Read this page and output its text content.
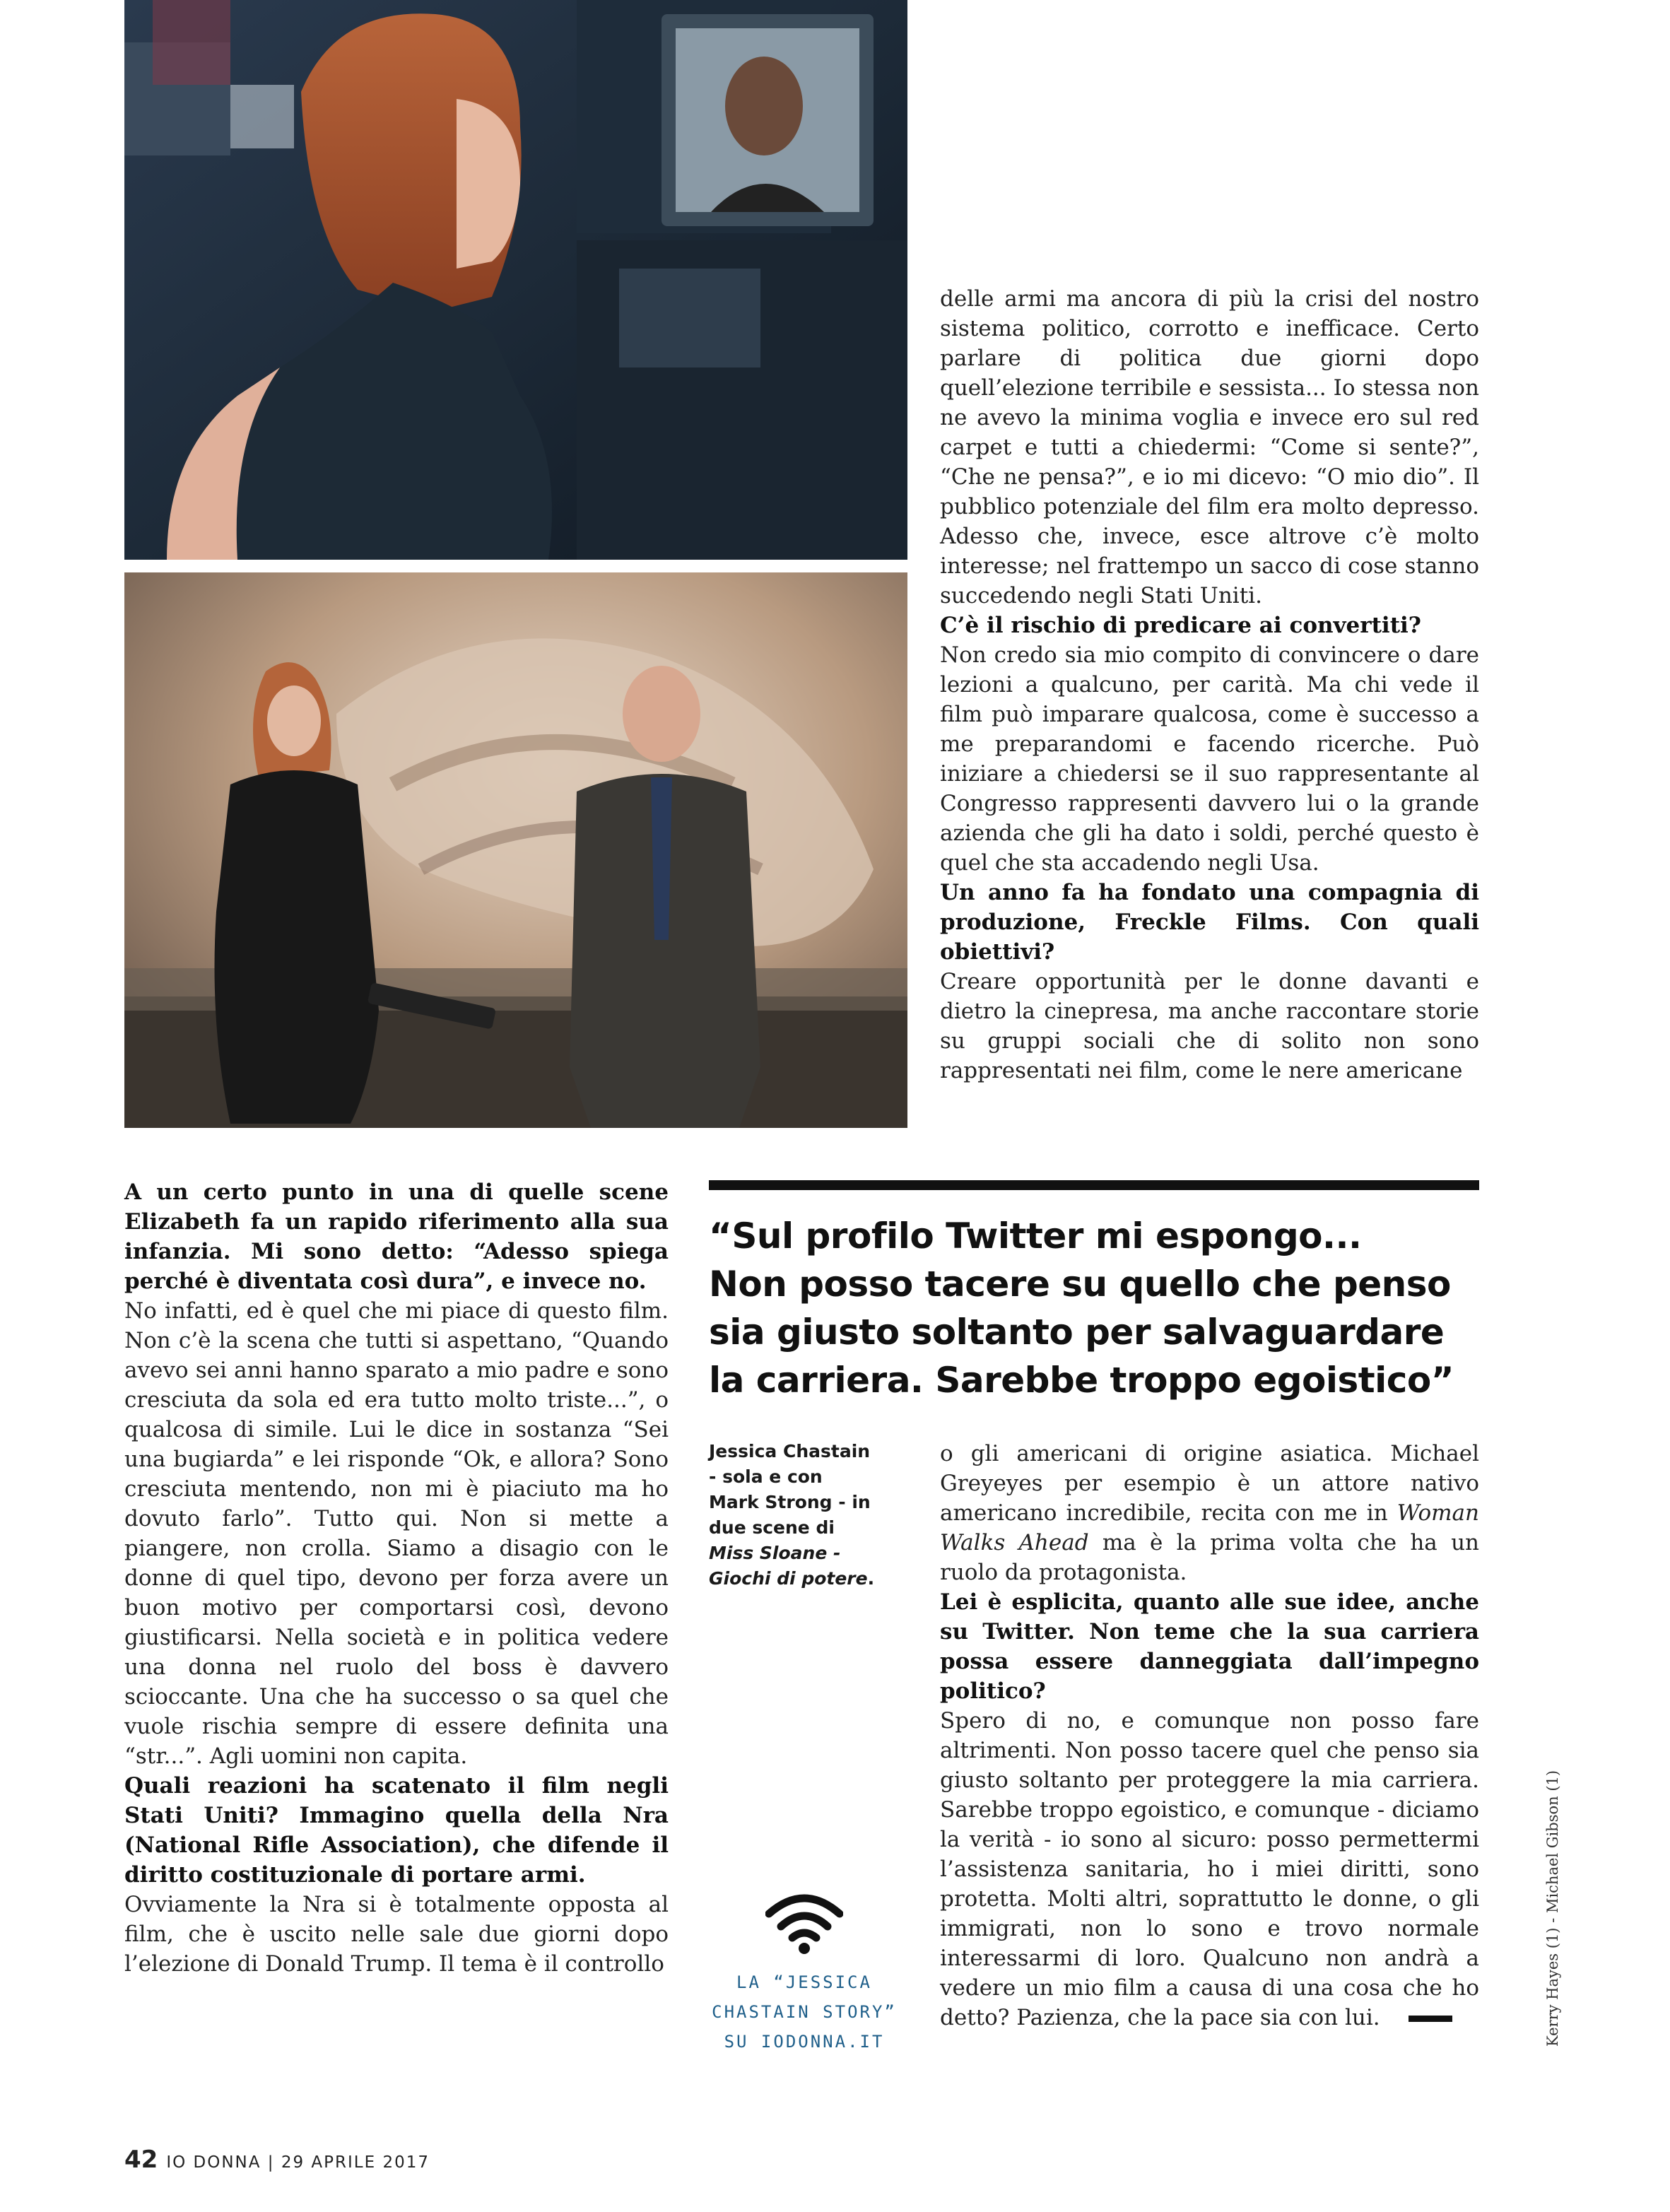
delle armi ma ancora di più la crisi del nostro sistema politico, corrotto e inefficace. Certo parlare di politica due giorni dopo quell’elezione terribile e sessista... Io stessa non ne avevo la minima voglia e invece ero sul red carpet e tutti a chiedermi: “Come si sente?”, “Che ne pensa?”, e io mi dicevo: “O mio dio”. Il pubblico potenziale del film era molto depresso. Adesso che, invece, esce altrove c’è molto interesse; nel frattempo un sacco di cose stanno succedendo negli Stati Uniti.

C’è il rischio di predicare ai convertiti?

Non credo sia mio compito di convincere o dare lezioni a qualcuno, per carità. Ma chi vede il film può imparare qualcosa, come è successo a me preparandomi e facendo ricerche. Può iniziare a chiedersi se il suo rappresentante al Congresso rappresenti davvero lui o la grande azienda che gli ha dato i soldi, perché questo è quel che sta accadendo negli Usa.

Un anno fa ha fondato una compagnia di produzione, Freckle Films. Con quali obiettivi?

Creare opportunità per le donne davanti e dietro la cinepresa, ma anche raccontare storie su gruppi sociali che di solito non sono rappresentati nei film, come le nere americane

A un certo punto in una di quelle scene Elizabeth fa un rapido riferimento alla sua infanzia. Mi sono detto: “Adesso spiega perché è diventata così dura”, e invece no.

No infatti, ed è quel che mi piace di questo film. Non c’è la scena che tutti si aspettano, “Quando avevo sei anni hanno sparato a mio padre e sono cresciuta da sola ed era tutto molto triste...”, o qualcosa di simile. Lui le dice in sostanza “Sei una bugiarda” e lei risponde “Ok, e allora? Sono cresciuta mentendo, non mi è piaciuto ma ho dovuto farlo”. Tutto qui. Non si mette a piangere, non crolla. Siamo a disagio con le donne di quel tipo, devono per forza avere un buon motivo per comportarsi così, devono giustificarsi. Nella società e in politica vedere una donna nel ruolo del boss è davvero scioccante. Una che ha successo o sa quel che vuole rischia sempre di essere definita una “str...”. Agli uomini non capita.

Quali reazioni ha scatenato il film negli Stati Uniti? Immagino quella della Nra (National Rifle Association), che difende il diritto costituzionale di portare armi.

Ovviamente la Nra si è totalmente opposta al film, che è uscito nelle sale due giorni dopo l’elezione di Donald Trump. Il tema è il controllo

“Sul profilo Twitter mi espongo...
Non posso tacere su quello che penso
sia giusto soltanto per salvaguardare
la carriera. Sarebbe troppo egoistico”
Jessica Chastain - sola e con Mark Strong - in due scene di Miss Sloane - Giochi di potere.
LA “JESSICA
CHASTAIN STORY”
SU IODONNA.IT

o gli americani di origine asiatica. Michael Greyeyes per esempio è un attore nativo americano incredibile, recita con me in Woman Walks Ahead ma è la prima volta che ha un ruolo da protagonista.

Lei è esplicita, quanto alle sue idee, anche su Twitter. Non teme che la sua carriera possa essere danneggiata dall’impegno politico?

Spero di no, e comunque non posso fare altrimenti. Non posso tacere quel che penso sia giusto soltanto per proteggere la mia carriera. Sarebbe troppo egoistico, e comunque - diciamo la verità - io sono al sicuro: posso permettermi l’assistenza sanitaria, ho i miei diritti, sono protetta. Molti altri, soprattutto le donne, o gli immigrati, non lo sono e trovo normale interessarmi di loro. Qualcuno non andrà a vedere un mio film a causa di una cosa che ho detto? Pazienza, che la pace sia con lui.

42 IO DONNA | 29 APRILE 2017
Kerry Hayes (1) - Michael Gibson (1)
